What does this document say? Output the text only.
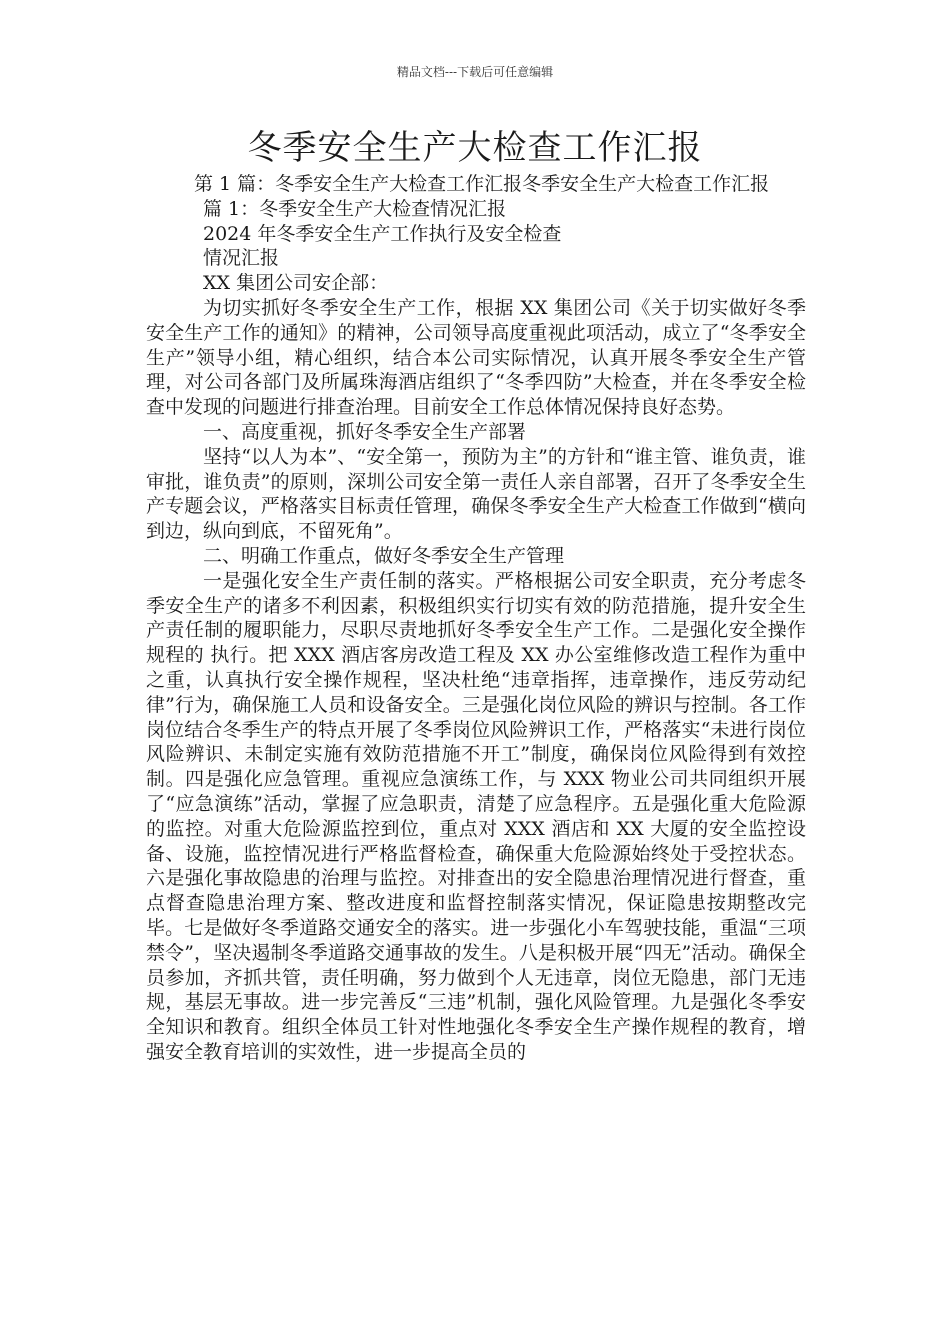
精品文档---下载后可任意编辑
冬季安全生产大检查工作汇报

第 1 篇：冬季安全生产大检查工作汇报冬季安全生产大检查工作汇报

篇 1：冬季安全生产大检查情况汇报

2024 年冬季安全生产工作执行及安全检查

情况汇报

XX 集团公司安企部：

为切实抓好冬季安全生产工作，根据 XX 集团公司《关于切实做好冬季安全生产工作的通知》的精神，公司领导高度重视此项活动，成立了“冬季安全生产”领导小组，精心组织，结合本公司实际情况，认真开展冬季安全生产管理，对公司各部门及所属珠海酒店组织了“冬季四防”大检查，并在冬季安全检查中发现的问题进行排查治理。目前安全工作总体情况保持良好态势。

一、高度重视，抓好冬季安全生产部署

坚持“以人为本”、“安全第一，预防为主”的方针和“谁主管、谁负责，谁审批，谁负责”的原则，深圳公司安全第一责任人亲自部署，召开了冬季安全生产专题会议，严格落实目标责任管理，确保冬季安全生产大检查工作做到“横向到边，纵向到底，不留死角”。

二、明确工作重点，做好冬季安全生产管理

一是强化安全生产责任制的落实。严格根据公司安全职责，充分考虑冬季安全生产的诸多不利因素，积极组织实行切实有效的防范措施，提升安全生产责任制的履职能力，尽职尽责地抓好冬季安全生产工作。二是强化安全操作规程的 执行。把 XXX 酒店客房改造工程及 XX 办公室维修改造工程作为重中之重，认真执行安全操作规程，坚决杜绝“违章指挥，违章操作，违反劳动纪律”行为，确保施工人员和设备安全。三是强化岗位风险的辨识与控制。各工作岗位结合冬季生产的特点开展了冬季岗位风险辨识工作，严格落实“未进行岗位风险辨识、未制定实施有效防范措施不开工”制度，确保岗位风险得到有效控制。四是强化应急管理。重视应急演练工作，与 XXX 物业公司共同组织开展了“应急演练”活动，掌握了应急职责，清楚了应急程序。五是强化重大危险源的监控。对重大危险源监控到位，重点对 XXX 酒店和 XX 大厦的安全监控设备、设施，监控情况进行严格监督检查，确保重大危险源始终处于受控状态。六是强化事故隐患的治理与监控。对排查出的安全隐患治理情况进行督查，重点督查隐患治理方案、整改进度和监督控制落实情况，保证隐患按期整改完毕。七是做好冬季道路交通安全的落实。进一步强化小车驾驶技能，重温“三项禁令”，坚决遏制冬季道路交通事故的发生。八是积极开展“四无”活动。确保全员参加，齐抓共管，责任明确，努力做到个人无违章，岗位无隐患，部门无违规，基层无事故。进一步完善反“三违”机制，强化风险管理。九是强化冬季安全知识和教育。组织全体员工针对性地强化冬季安全生产操作规程的教育，增强安全教育培训的实效性，进一步提高全员的
